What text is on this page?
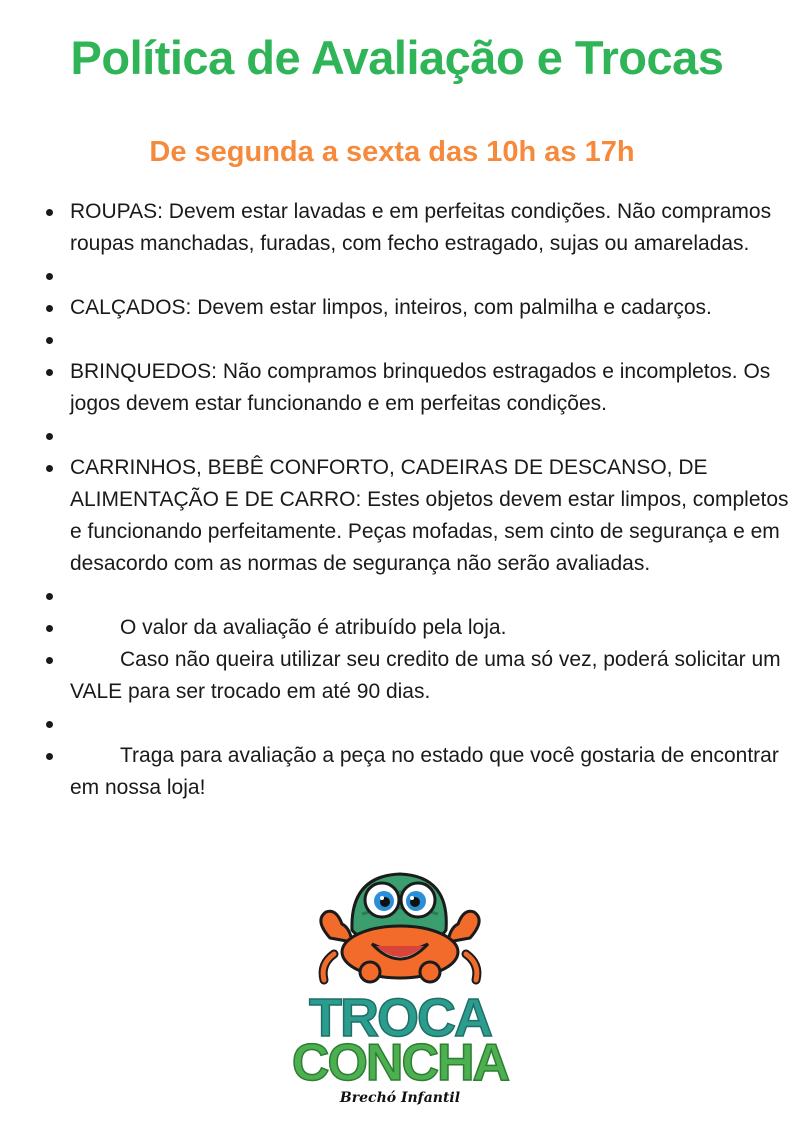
Política de Avaliação e Trocas
De segunda a sexta das 10h as 17h
ROUPAS: Devem estar lavadas e em perfeitas condições. Não compramos roupas manchadas, furadas, com fecho estragado, sujas ou amareladas.
CALÇADOS: Devem estar limpos, inteiros, com palmilha e cadarços.
BRINQUEDOS: Não compramos brinquedos estragados e incompletos. Os jogos devem estar funcionando e em perfeitas condições.
CARRINHOS, BEBÊ CONFORTO, CADEIRAS DE DESCANSO, DE ALIMENTAÇÃO E DE CARRO: Estes objetos devem estar limpos, completos e funcionando perfeitamente. Peças mofadas, sem cinto de segurança e em desacordo com as normas de segurança não serão avaliadas.
O valor da avaliação é atribuído pela loja.
Caso não queira utilizar seu credito de uma só vez, poderá solicitar um VALE para ser trocado em até 90 dias.
Traga para avaliação a peça no estado que você gostaria de encontrar em nossa loja!
TROCA
CONCHA
Brechó Infantil
